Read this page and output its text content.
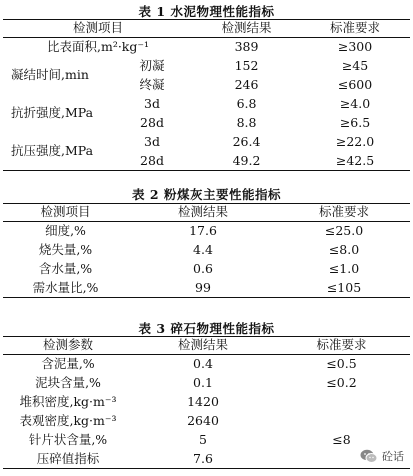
表 1 水泥物理性能指标
检测项目		检测结果	标准要求
比表面积,m²·kg⁻¹		389	≥300
凝结时间,min	初凝	152	≥45
	终凝	246	≤600
抗折强度,MPa	3d	6.8	≥4.0
	28d	8.8	≥6.5
抗压强度,MPa	3d	26.4	≥22.0
	28d	49.2	≥42.5
表 2 粉煤灰主要性能指标
检测项目	检测结果	标准要求
细度,%	17.6	≤25.0
烧失量,%	4.4	≤8.0
含水量,%	0.6	≤1.0
需水量比,%	99	≤105
表 3 碎石物理性能指标
检测参数	检测结果	标准要求
含泥量,%	0.4	≤0.5
泥块含量,%	0.1	≤0.2
堆积密度,kg·m⁻³	1420	
表观密度,kg·m⁻³	2640	
针片状含量,%	5	≤8
压碎值指标	7.6		砼话
